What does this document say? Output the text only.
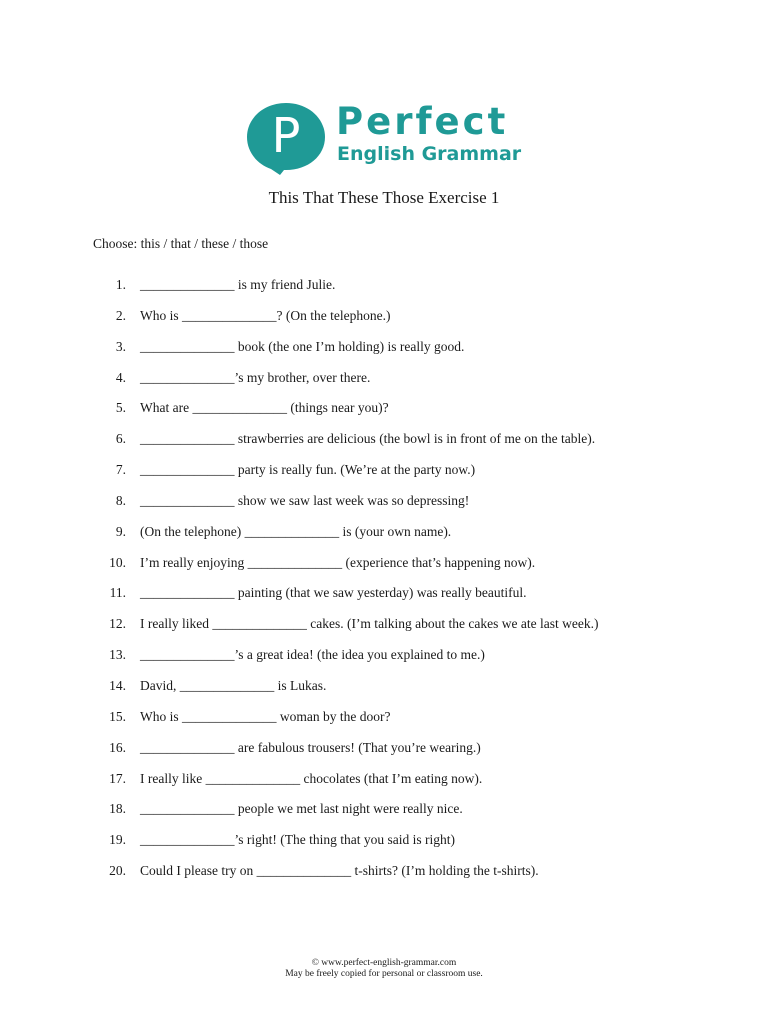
P Perfect
English Grammar
This That These Those Exercise 1
Choose: this / that / these / those
1. ______________ is my friend Julie.
2. Who is ______________? (On the telephone.)
3. ______________ book (the one I’m holding) is really good.
4. ______________’s my brother, over there.
5. What are ______________ (things near you)?
6. ______________ strawberries are delicious (the bowl is in front of me on the table).
7. ______________ party is really fun. (We’re at the party now.)
8. ______________ show we saw last week was so depressing!
9. (On the telephone) ______________ is (your own name).
10. I’m really enjoying ______________ (experience that’s happening now).
11. ______________ painting (that we saw yesterday) was really beautiful.
12. I really liked ______________ cakes. (I’m talking about the cakes we ate last week.)
13. ______________’s a great idea! (the idea you explained to me.)
14. David, ______________ is Lukas.
15. Who is ______________ woman by the door?
16. ______________ are fabulous trousers! (That you’re wearing.)
17. I really like ______________ chocolates (that I’m eating now).
18. ______________ people we met last night were really nice.
19. ______________’s right! (The thing that you said is right)
20. Could I please try on ______________ t-shirts? (I’m holding the t-shirts).
© www.perfect-english-grammar.com
May be freely copied for personal or classroom use.
